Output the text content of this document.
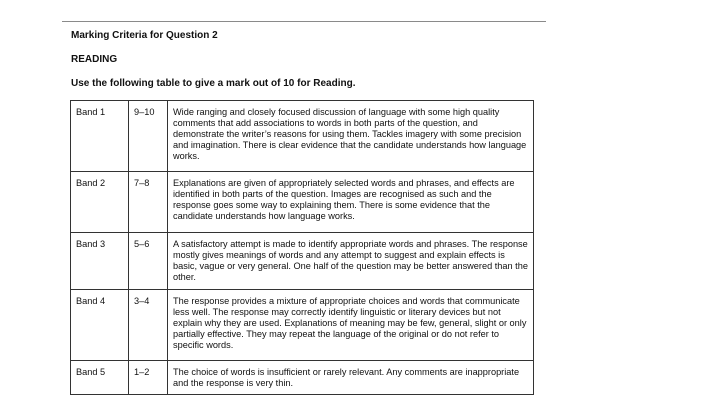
Marking Criteria for Question 2
READING
Use the following table to give a mark out of 10 for Reading.
Band 1	9–10	Wide ranging and closely focused discussion of language with some high quality comments that add associations to words in both parts of the question, and demonstrate the writer’s reasons for using them. Tackles imagery with some precision and imagination. There is clear evidence that the candidate understands how language works.
Band 2	7–8	Explanations are given of appropriately selected words and phrases, and effects are identified in both parts of the question. Images are recognised as such and the response goes some way to explaining them. There is some evidence that the candidate understands how language works.
Band 3	5–6	A satisfactory attempt is made to identify appropriate words and phrases. The response mostly gives meanings of words and any attempt to suggest and explain effects is basic, vague or very general. One half of the question may be better answered than the other.
Band 4	3–4	The response provides a mixture of appropriate choices and words that communicate less well. The response may correctly identify linguistic or literary devices but not explain why they are used. Explanations of meaning may be few, general, slight or only partially effective. They may repeat the language of the original or do not refer to specific words.
Band 5	1–2	The choice of words is insufficient or rarely relevant. Any comments are inappropriate and the response is very thin.
